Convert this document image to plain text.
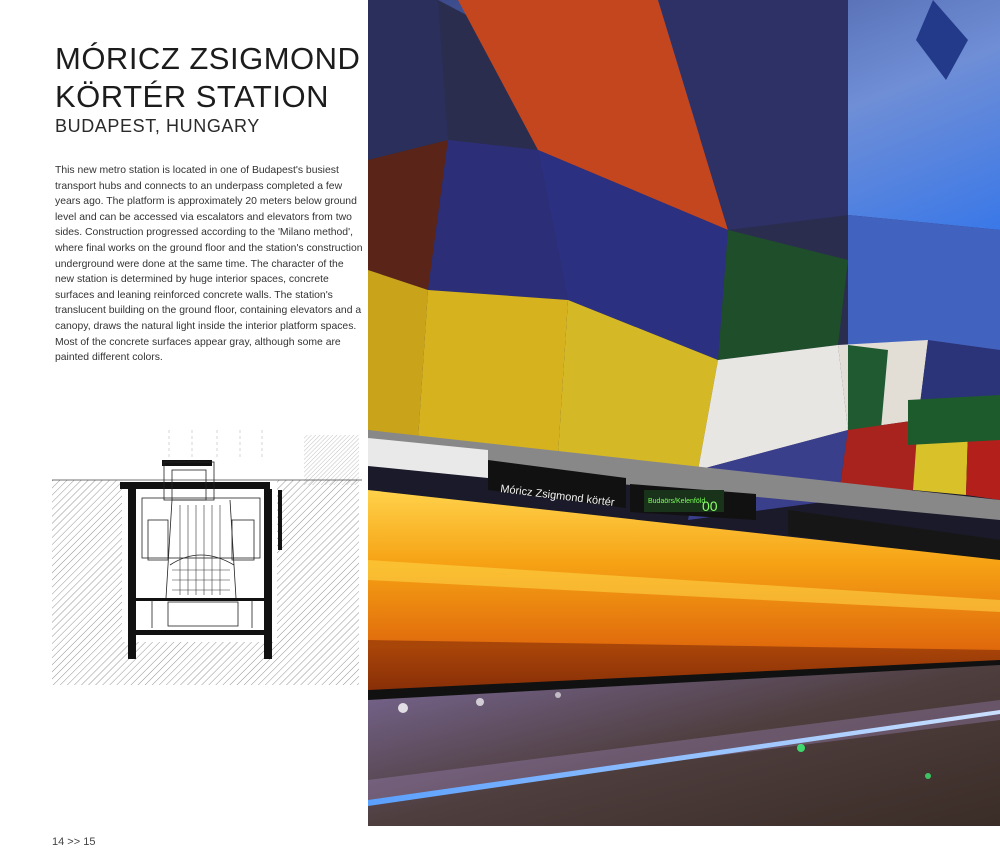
MÓRICZ ZSIGMOND
KÖRTÉR STATION
BUDAPEST, HUNGARY

This new metro station is located in one of Budapest's busiest transport hubs and connects to an underpass completed a few years ago. The platform is approximately 20 meters below ground level and can be accessed via escalators and elevators from two sides. Construction progressed according to the 'Milano method', where final works on the ground floor and the station's construction underground were done at the same time. The character of the new station is determined by huge interior spaces, concrete surfaces and leaning reinforced concrete walls. The station's translucent building on the ground floor, containing elevators and a canopy, draws the natural light inside the interior platform spaces. Most of the concrete surfaces appear gray, although some are painted different colors.

14 >> 15
Móricz Zsigmond körtér	Budaörs/Kelenföld
00
